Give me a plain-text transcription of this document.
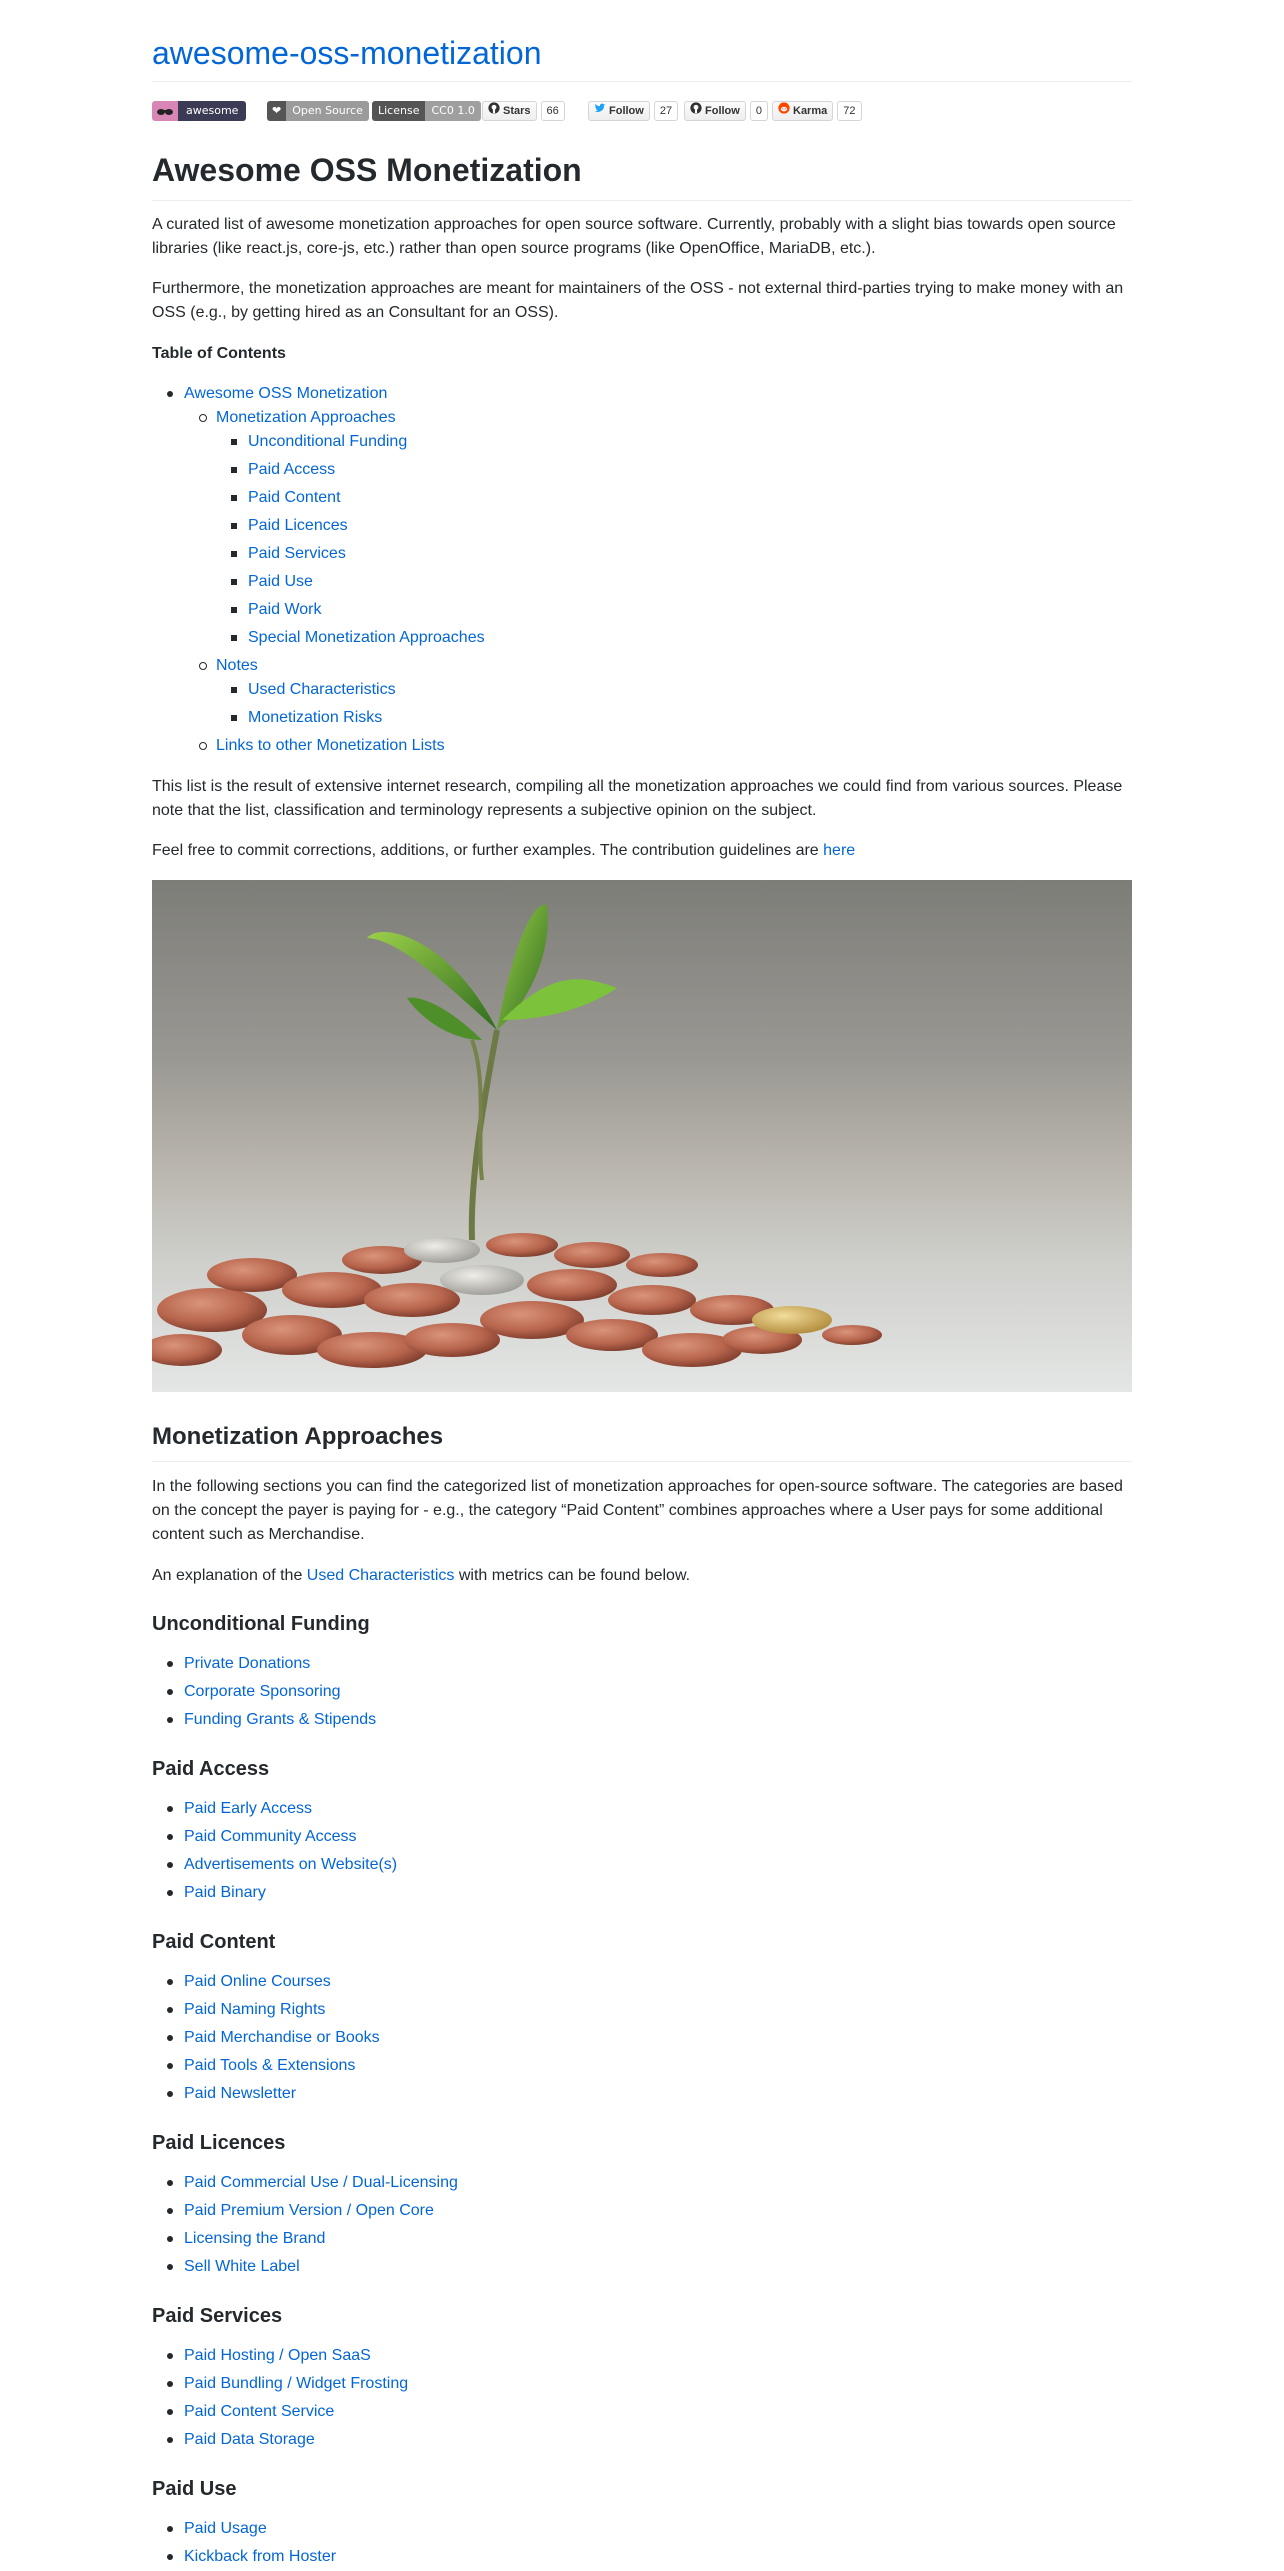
awesome-oss-monetization
awesome	❤	Open Source	License	CC0 1.0	Stars	66	Follow	27	Follow	0	Karma	72
Awesome OSS Monetization

A curated list of awesome monetization approaches for open source software. Currently, probably with a slight bias towards open source libraries (like react.js, core-js, etc.) rather than open source programs (like OpenOffice, MariaDB, etc.).

Furthermore, the monetization approaches are meant for maintainers of the OSS - not external third-parties trying to make money with an OSS (e.g., by getting hired as an Consultant for an OSS).

Table of Contents
Awesome OSS Monetization
Monetization Approaches
Unconditional Funding
Paid Access
Paid Content
Paid Licences
Paid Services
Paid Use
Paid Work
Special Monetization Approaches
Notes
Used Characteristics
Monetization Risks
Links to other Monetization Lists

This list is the result of extensive internet research, compiling all the monetization approaches we could find from various sources. Please note that the list, classification and terminology represents a subjective opinion on the subject.

Feel free to commit corrections, additions, or further examples. The contribution guidelines are here

Monetization Approaches

In the following sections you can find the categorized list of monetization approaches for open-source software. The categories are based on the concept the payer is paying for - e.g., the category “Paid Content” combines approaches where a User pays for some additional content such as Merchandise.

An explanation of the Used Characteristics with metrics can be found below.

Unconditional Funding
Private Donations
Corporate Sponsoring
Funding Grants & Stipends
Paid Access
Paid Early Access
Paid Community Access
Advertisements on Website(s)
Paid Binary
Paid Content
Paid Online Courses
Paid Naming Rights
Paid Merchandise or Books
Paid Tools & Extensions
Paid Newsletter
Paid Licences
Paid Commercial Use / Dual-Licensing
Paid Premium Version / Open Core
Licensing the Brand
Sell White Label
Paid Services
Paid Hosting / Open SaaS
Paid Bundling / Widget Frosting
Paid Content Service
Paid Data Storage
Paid Use
Paid Usage
Kickback from Hoster
